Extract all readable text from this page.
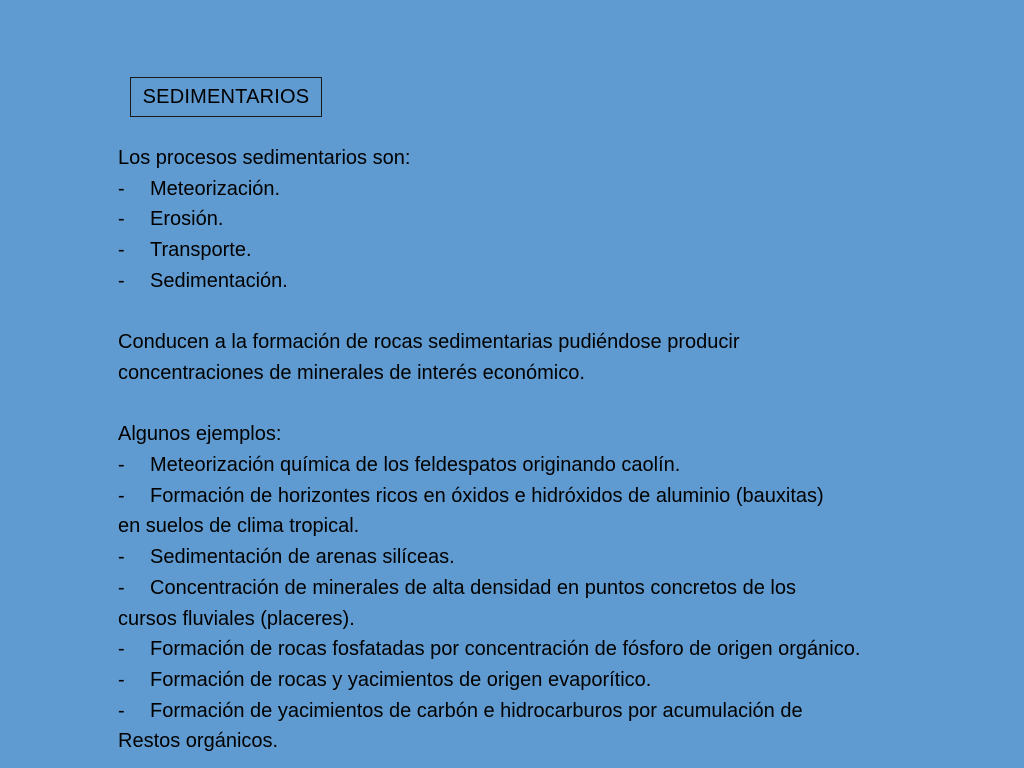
SEDIMENTARIOS
Los procesos sedimentarios son:
-	Meteorización.
-	Erosión.
-	Transporte.
-	Sedimentación.
Conducen a la formación de rocas sedimentarias pudiéndose producir
concentraciones de minerales de interés económico.
Algunos ejemplos:
-	Meteorización química de los feldespatos originando caolín.
-	Formación de horizontes ricos en óxidos e hidróxidos de aluminio (bauxitas)
en suelos de clima tropical.
-	Sedimentación de arenas silíceas.
-	Concentración de minerales de alta densidad en puntos concretos de los
cursos fluviales (placeres).
-	Formación de rocas fosfatadas por concentración de fósforo de origen orgánico.
-	Formación de rocas y yacimientos de origen evaporítico.
-	Formación de yacimientos de carbón e hidrocarburos por acumulación de
Restos orgánicos.
